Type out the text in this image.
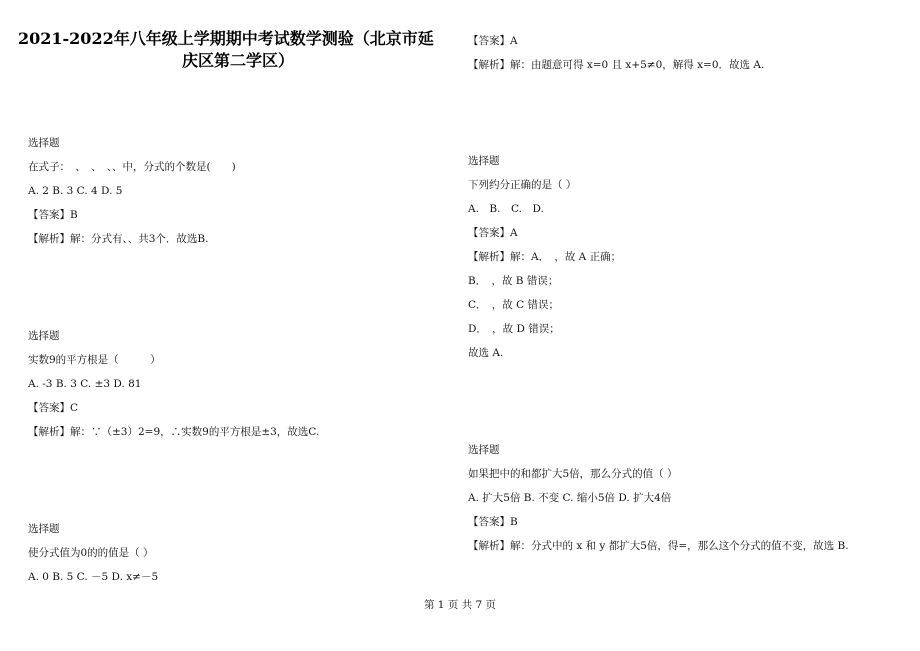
2021-2022年八年级上学期期中考试数学测验（北京市延
庆区第二学区）
选择题
在式子：　、　、　、、中，分式的个数是(　　)
A. 2 B. 3 C. 4 D. 5
【答案】B
【解析】解：分式有、、共3个．故选B.
选择题
实数9的平方根是（　　　）
A. -3 B. 3 C. ±3 D. 81
【答案】C
【解析】解：∵（±3）2=9，∴实数9的平方根是±3，故选C.
选择题
使分式值为0的的值是（ ）
A. 0 B. 5 C. －5 D. x≠－5
【答案】A
【解析】解：由题意可得 x=0 且 x+5≠0，解得 x=0．故选 A.
选择题
下列约分正确的是（ ）
A.　B.　C.　D.
【答案】A
【解析】解：A．　，故 A 正确；
B．　，故 B 错误；
C．　，故 C 错误；
D．　，故 D 错误；
故选 A.
选择题
如果把中的和都扩大5倍，那么分式的值（ ）
A. 扩大5倍 B. 不变 C. 缩小5倍 D. 扩大4倍
【答案】B
【解析】解：分式中的 x 和 y 都扩大5倍，得=，那么这个分式的值不变，故选 B.
第 1 页 共 7 页
